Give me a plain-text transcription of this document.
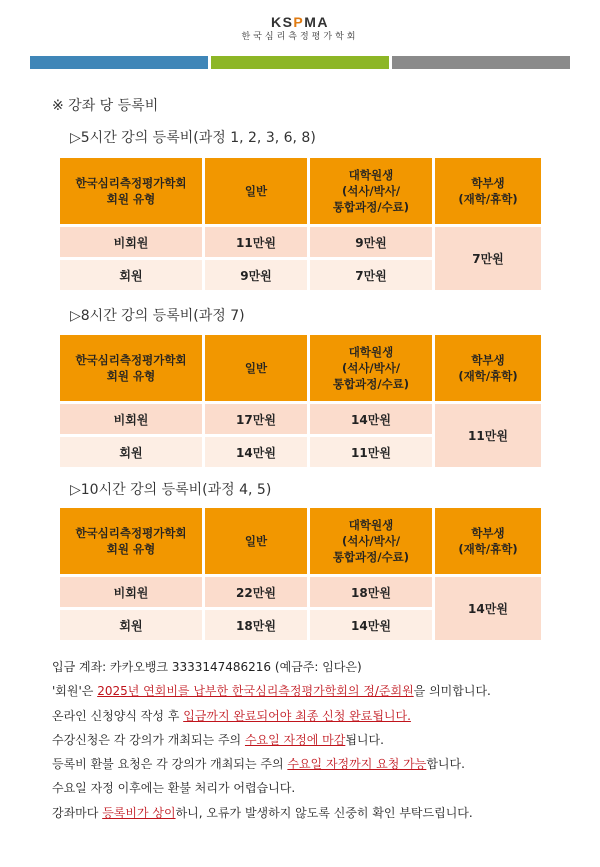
KSPMA
한국심리측정평가학회
※ 강좌 당 등록비
▷5시간 강의 등록비(과정 1, 2, 3, 6, 8)
한국심리측정평가학회
회원 유형	일반	대학원생
(석사/박사/
통합과정/수료)	학부생
(재학/휴학)
비회원	11만원	9만원	7만원
회원	9만원	7만원	
▷8시간 강의 등록비(과정 7)
한국심리측정평가학회
회원 유형	일반	대학원생
(석사/박사/
통합과정/수료)	학부생
(재학/휴학)
비회원	17만원	14만원	11만원
회원	14만원	11만원	
▷10시간 강의 등록비(과정 4, 5)
한국심리측정평가학회
회원 유형	일반	대학원생
(석사/박사/
통합과정/수료)	학부생
(재학/휴학)
비회원	22만원	18만원	14만원
회원	18만원	14만원	

입금 계좌: 카카오뱅크 3333147486216 (예금주: 임다은)

'회원'은 2025년 연회비를 납부한 한국심리측정평가학회의 정/준회원을 의미합니다.

온라인 신청양식 작성 후 입금까지 완료되어야 최종 신청 완료됩니다.

수강신청은 각 강의가 개최되는 주의 수요일 자정에 마감됩니다.

등록비 환불 요청은 각 강의가 개최되는 주의 수요일 자정까지 요청 가능합니다.

수요일 자정 이후에는 환불 처리가 어렵습니다.

강좌마다 등록비가 상이하니, 오류가 발생하지 않도록 신중히 확인 부탁드립니다.
